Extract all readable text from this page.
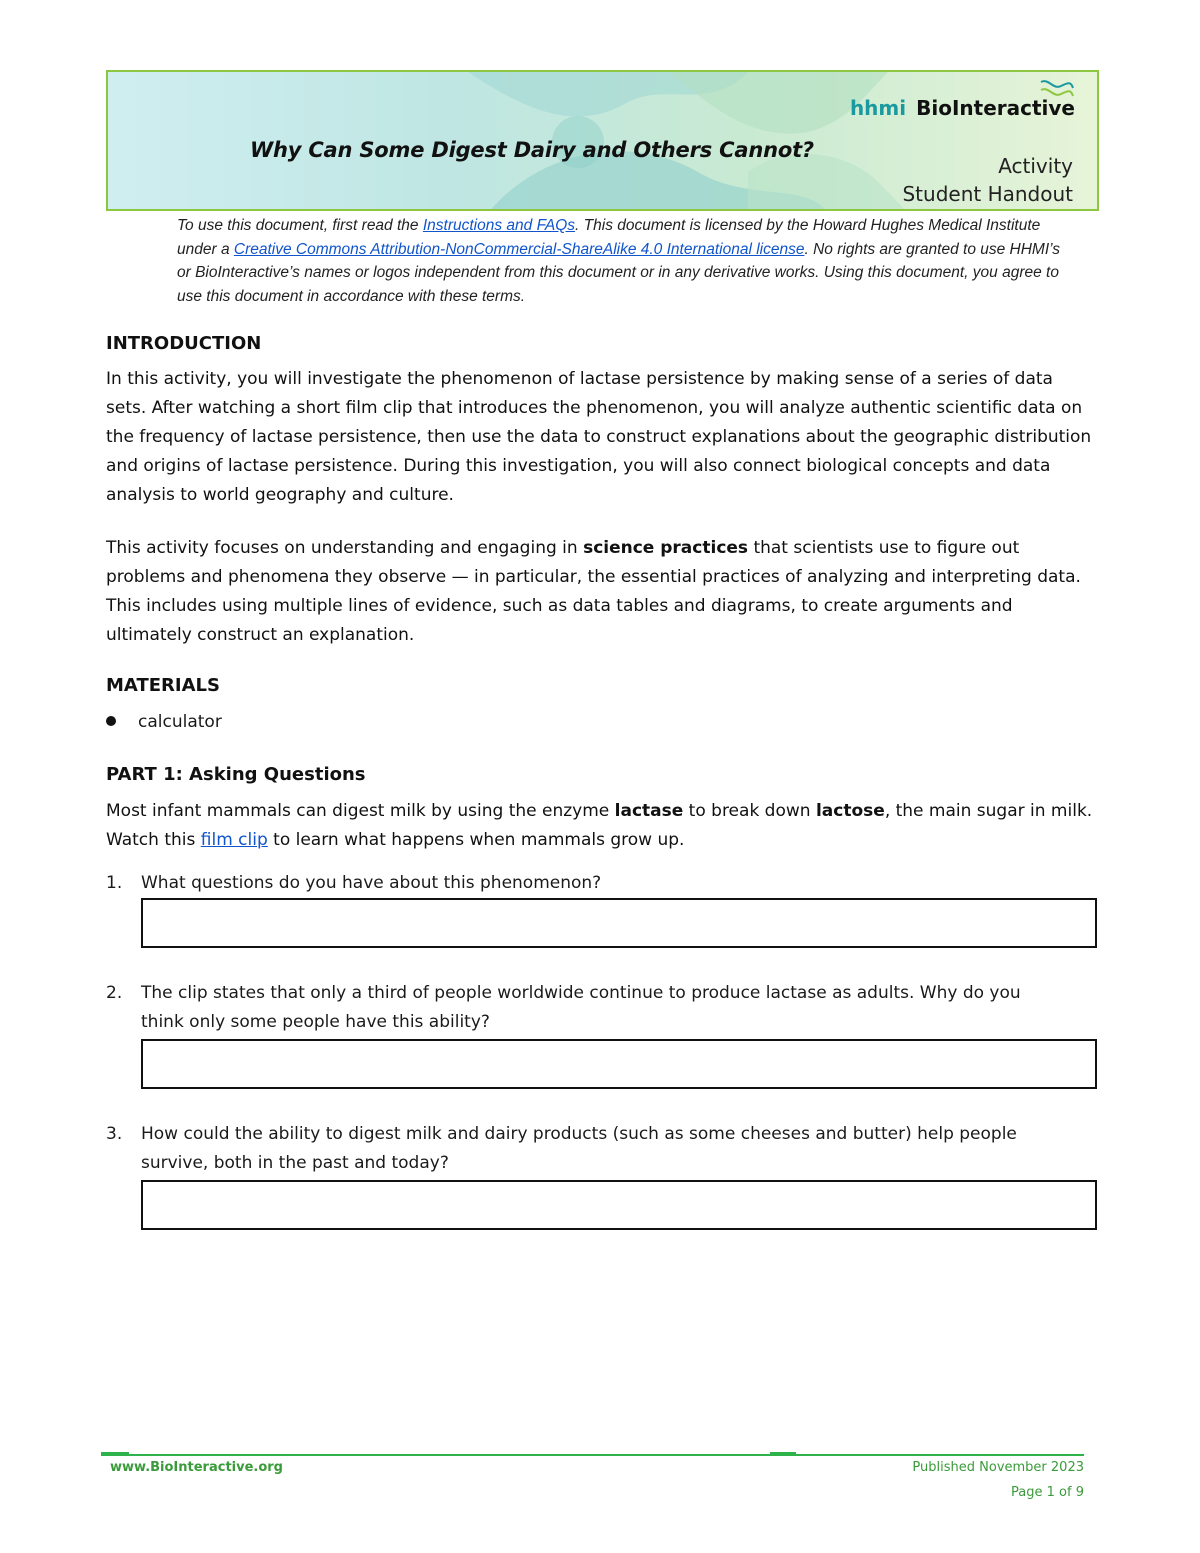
Why Can Some Digest Dairy and Others Cannot?
hhmi BioInteractive
Activity
Student Handout
To use this document, first read the Instructions and FAQs. This document is licensed by the Howard Hughes Medical Institute under a Creative Commons Attribution-NonCommercial-ShareAlike 4.0 International license. No rights are granted to use HHMI’s or BioInteractive’s names or logos independent from this document or in any derivative works. Using this document, you agree to use this document in accordance with these terms.
INTRODUCTION
In this activity, you will investigate the phenomenon of lactase persistence by making sense of a series of data sets. After watching a short film clip that introduces the phenomenon, you will analyze authentic scientific data on the frequency of lactase persistence, then use the data to construct explanations about the geographic distribution and origins of lactase persistence. During this investigation, you will also connect biological concepts and data analysis to world geography and culture.
This activity focuses on understanding and engaging in science practices that scientists use to figure out problems and phenomena they observe — in particular, the essential practices of analyzing and interpreting data. This includes using multiple lines of evidence, such as data tables and diagrams, to create arguments and ultimately construct an explanation.
MATERIALS
calculator
PART 1: Asking Questions
Most infant mammals can digest milk by using the enzyme lactase to break down lactose, the main sugar in milk. Watch this film clip to learn what happens when mammals grow up.
1. What questions do you have about this phenomenon?
2. The clip states that only a third of people worldwide continue to produce lactase as adults. Why do you think only some people have this ability?
3. How could the ability to digest milk and dairy products (such as some cheeses and butter) help people survive, both in the past and today?
www.BioInteractive.org	Published November 2023
Page 1 of 9
